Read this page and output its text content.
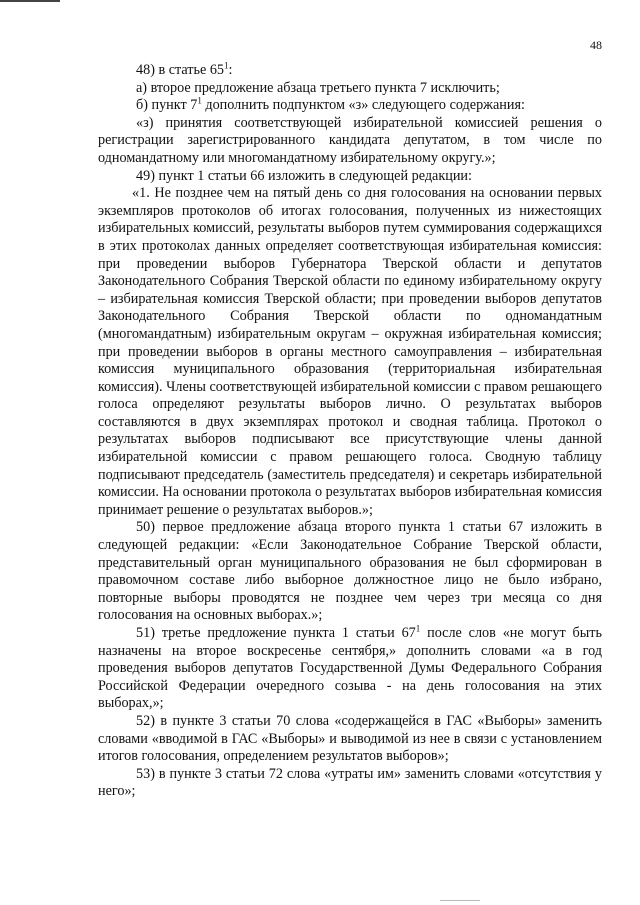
48

48) в статье $65^1$:

а) второе предложение абзаца третьего пункта 7 исключить;

б) пункт $7^1$ дополнить подпунктом «з» следующего содержания:

«з) принятия соответствующей избирательной комиссией решения о регистрации зарегистрированного кандидата депутатом, в том числе по одномандатному или многомандатному избирательному округу.»;

49) пункт 1 статьи 66 изложить в следующей редакции:

«1. Не позднее чем на пятый день со дня голосования на основании первых экземпляров протоколов об итогах голосования, полученных из нижестоящих избирательных комиссий, результаты выборов путем суммирования содержащихся в этих протоколах данных определяет соответствующая избирательная комиссия: при проведении выборов Губернатора Тверской области и депутатов Законодательного Собрания Тверской области по единому избирательному округу – избирательная комиссия Тверской области; при проведении выборов депутатов Законодательного Собрания Тверской области по одномандатным (многомандатным) избирательным округам – окружная избирательная комиссия; при проведении выборов в органы местного самоуправления – избирательная комиссия муниципального образования (территориальная избирательная комиссия). Члены соответствующей избирательной комиссии с правом решающего голоса определяют результаты выборов лично. О результатах выборов составляются в двух экземплярах протокол и сводная таблица. Протокол о результатах выборов подписывают все присутствующие члены данной избирательной комиссии с правом решающего голоса. Сводную таблицу подписывают председатель (заместитель председателя) и секретарь избирательной комиссии. На основании протокола о результатах выборов избирательная комиссия принимает решение о результатах выборов.»;

50) первое предложение абзаца второго пункта 1 статьи 67 изложить в следующей редакции: «Если Законодательное Собрание Тверской области, представительный орган муниципального образования не был сформирован в правомочном составе либо выборное должностное лицо не было избрано, повторные выборы проводятся не позднее чем через три месяца со дня голосования на основных выборах.»;

51) третье предложение пункта 1 статьи $67^1$ после слов «не могут быть назначены на второе воскресенье сентября,» дополнить словами «а в год проведения выборов депутатов Государственной Думы Федерального Собрания Российской Федерации очередного созыва - на день голосования на этих выборах,»;

52) в пункте 3 статьи 70 слова «содержащейся в ГАС «Выборы» заменить словами «вводимой в ГАС «Выборы» и выводимой из нее в связи с установлением итогов голосования, определением результатов выборов»;

53) в пункте 3 статьи 72 слова «утраты им» заменить словами «отсутствия у него»;
